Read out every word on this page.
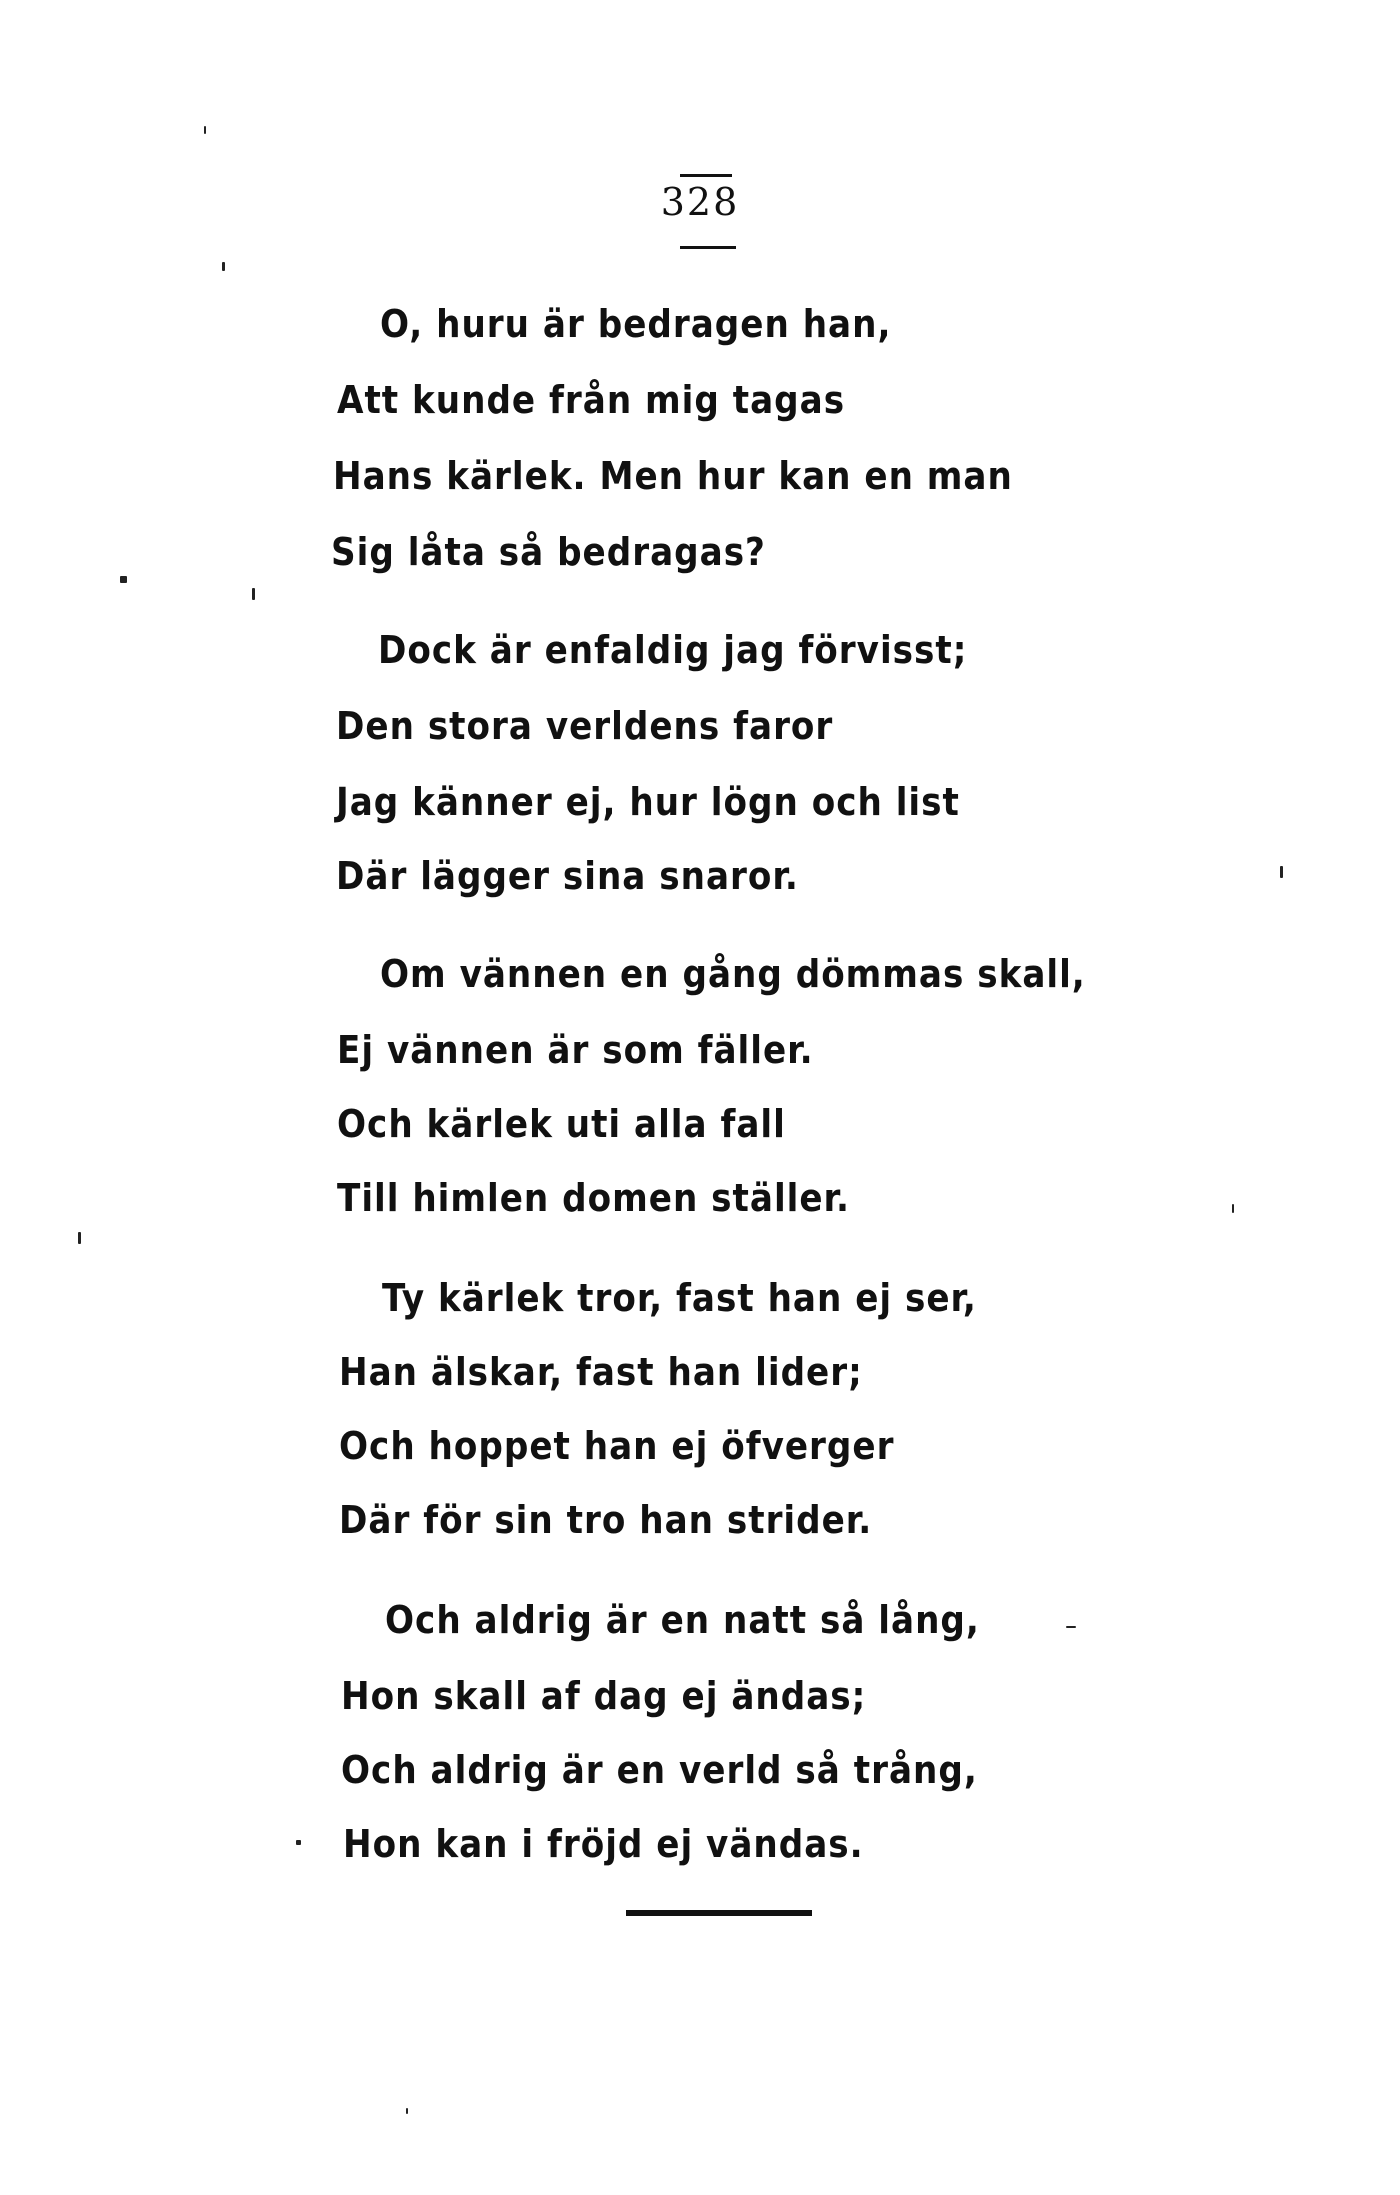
328
O, huru är bedragen han,
Att kunde från mig tagas
Hans kärlek. Men hur kan en man
Sig låta så bedragas?
Dock är enfaldig jag förvisst;
Den stora verldens faror
Jag känner ej, hur lögn och list
Där lägger sina snaror.
Om vännen en gång dömmas skall,
Ej vännen är som fäller.
Och kärlek uti alla fall
Till himlen domen ställer.
Ty kärlek tror, fast han ej ser,
Han älskar, fast han lider;
Och hoppet han ej öfverger
Där för sin tro han strider.
Och aldrig är en natt så lång,
Hon skall af dag ej ändas;
Och aldrig är en verld så trång,
Hon kan i fröjd ej vändas.
